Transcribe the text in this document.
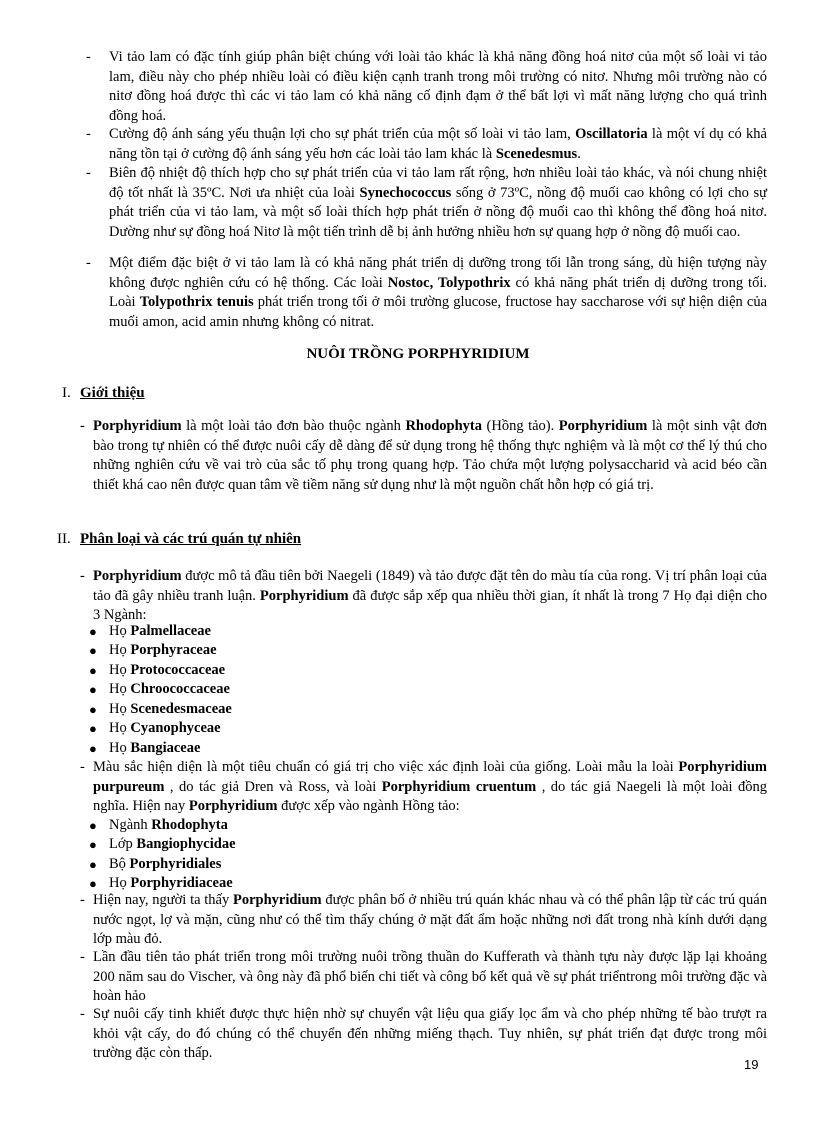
-	Vi tảo lam có đặc tính giúp phân biệt chúng với loài tảo khác là khả năng đồng hoá nitơ của một số loài vi tảo lam, điều này cho phép nhiều loài có điều kiện cạnh tranh trong môi trường có nitơ. Nhưng môi trường nào có nitơ đồng hoá được thì các vi tảo lam có khả năng cố định đạm ở thể bất lợi vì mất năng lượng cho quá trình đồng hoá.
-	Cường độ ánh sáng yếu thuận lợi cho sự phát triển của một số loài vi tảo lam, Oscillatoria là một ví dụ có khả năng tồn tại ở cường độ ánh sáng yếu hơn các loài tảo lam khác là Scenedesmus.
-	Biên độ nhiệt độ thích hợp cho sự phát triển của vi tảo lam rất rộng, hơn nhiều loài tảo khác, và nói chung nhiệt độ tốt nhất là 35ºC. Nơi ưa nhiệt của loài Synechococcus sống ở 73ºC, nồng độ muối cao không có lợi cho sự phát triển của vi tảo lam, và một số loài thích hợp phát triển ở nồng độ muối cao thì không thể đồng hoá nitơ. Dường như sự đồng hoá Nitơ là một tiến trình dễ bị ảnh hưởng nhiều hơn sự quang hợp ở nồng độ muối cao.
-	Một điểm đặc biệt ở vi tảo lam là có khả năng phát triển dị dưỡng trong tối lẫn trong sáng, dù hiện tượng này không được nghiên cứu có hệ thống. Các loài Nostoc, Tolypothrix có khả năng phát triển dị dưỡng trong tối. Loài Tolypothrix tenuis phát triển trong tối ở môi trường glucose, fructose hay saccharose với sự hiện diện của muối amon, acid amin nhưng không có nitrat.
NUÔI TRỒNG PORPHYRIDIUM
I. Giới thiệu
- Porphyridium là một loài tảo đơn bào thuộc ngành Rhodophyta (Hồng tảo). Porphyridium là một sinh vật đơn bào trong tự nhiên có thể được nuôi cấy dễ dàng để sử dụng trong hệ thống thực nghiệm và là một cơ thể lý thú cho những nghiên cứu về vai trò của sắc tố phụ trong quang hợp. Tảo chứa một lượng polysaccharid và acid béo cần thiết khá cao nên được quan tâm về tiềm năng sử dụng như là một nguồn chất hỗn hợp có giá trị.
II. Phân loại và các trú quán tự nhiên
- Porphyridium được mô tả đầu tiên bởi Naegeli (1849) và tảo được đặt tên do màu tía của rong. Vị trí phân loại của tảo đã gây nhiều tranh luận. Porphyridium đã được sắp xếp qua nhiều thời gian, ít nhất là trong 7 Họ đại diện cho 3 Ngành:
● Họ Palmellaceae
● Họ Porphyraceae
● Họ Protococcaceae
● Họ Chroococcaceae
● Họ Scenedesmaceae
● Họ Cyanophyceae
● Họ Bangiaceae
- Màu sắc hiện diện là một tiêu chuẩn có giá trị cho việc xác định loài của giống. Loài mẫu la loài Porphyridium purpureum , do tác giả Dren và Ross, và loài Porphyridium cruentum , do tác giả Naegeli là một loài đồng nghĩa. Hiện nay Porphyridium được xếp vào ngành Hồng tảo:
● Ngành Rhodophyta
● Lớp Bangiophycidae
● Bộ Porphyridiales
● Họ Porphyridiaceae
- Hiện nay, người ta thấy Porphyridium được phân bố ở nhiều trú quán khác nhau và có thể phân lập từ các trú quán nước ngọt, lợ và mặn, cũng như có thể tìm thấy chúng ở mặt đất ẩm hoặc những nơi đất trong nhà kính dưới dạng lớp màu đỏ.
- Lần đầu tiên tảo phát triển trong môi trường nuôi trồng thuần do Kufferath và thành tựu này được lặp lại khoảng 200 năm sau do Vischer, và ông này đã phổ biến chi tiết và công bố kết quả về sự phát triểntrong môi trường đặc và hoàn hảo
- Sự nuôi cấy tinh khiết được thực hiện nhờ sự chuyển vật liệu qua giấy lọc ẩm và cho phép những tế bào trượt ra khỏi vật cấy, do đó chúng có thể chuyển đến những miếng thạch. Tuy nhiên, sự phát triển đạt được trong môi trường đặc còn thấp.
19
